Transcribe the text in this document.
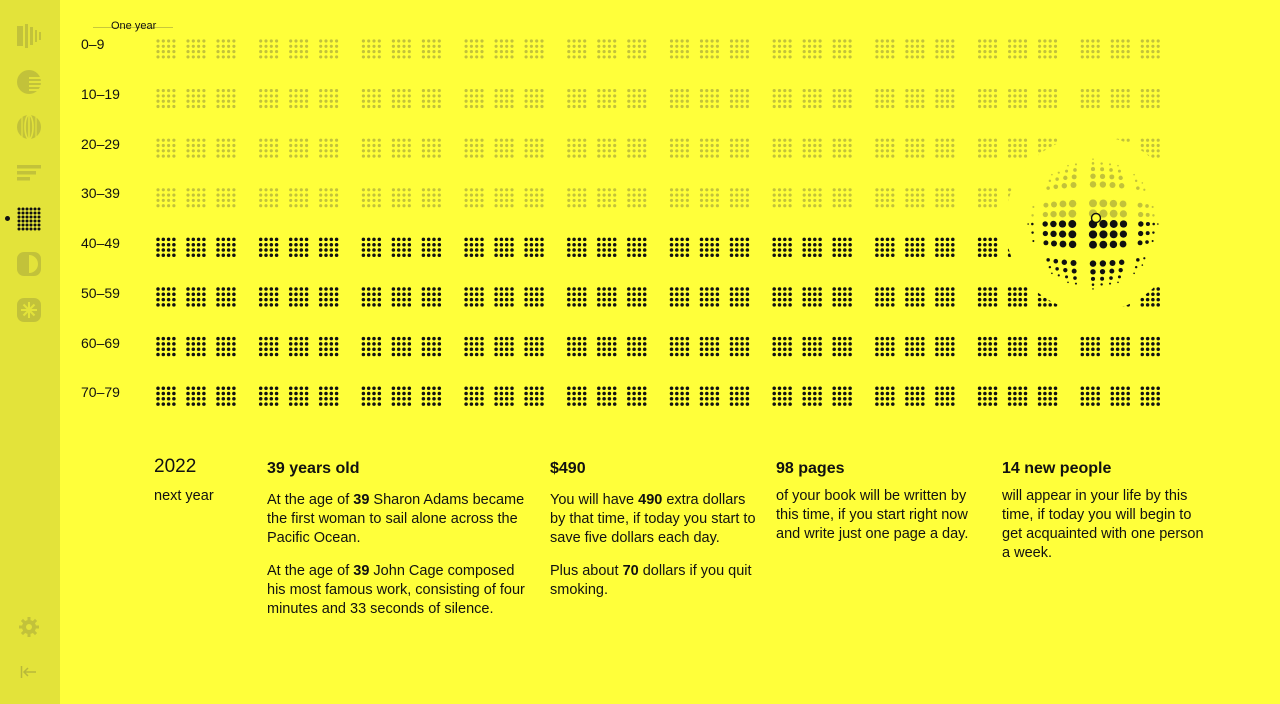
One year
0–9
10–19
20–29
30–39
40–49
50–59
60–69
70–79
2022
next year
39 years old

At the age of 39 Sharon Adams became the first woman to sail alone across the Pacific Ocean.

At the age of 39 John Cage composed his most famous work, consisting of four minutes and 33 seconds of silence.

$490

You will have 490 extra dollars by that time, if today you start to save five dollars each day.

Plus about 70 dollars if you quit smoking.

98 pages

of your book will be written by this time, if you start right now and write just one page a day.

14 new people

will appear in your life by this time, if today you will begin to get acquainted with one person a week.
